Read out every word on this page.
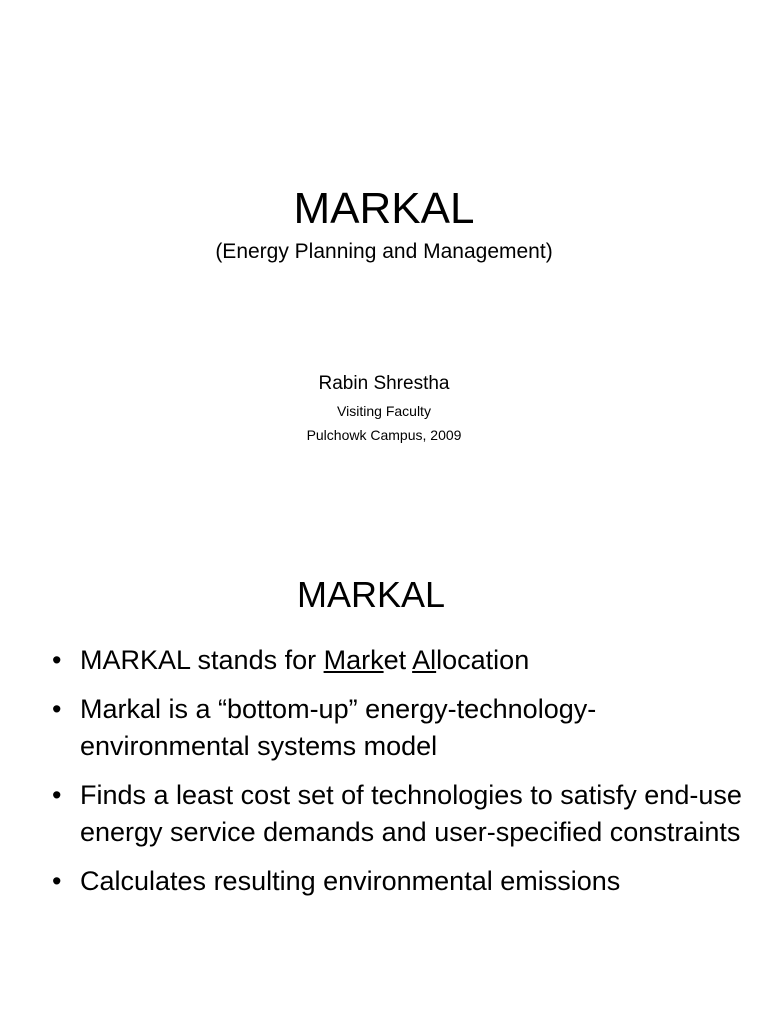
MARKAL
(Energy Planning and Management)
Rabin Shrestha
Visiting Faculty
Pulchowk Campus, 2009
MARKAL
• MARKAL stands for Market Allocation
• Markal is a “bottom-up” energy-technology-environmental systems model
• Finds a least cost set of technologies to satisfy end-use energy service demands and user-specified constraints
• Calculates resulting environmental emissions
